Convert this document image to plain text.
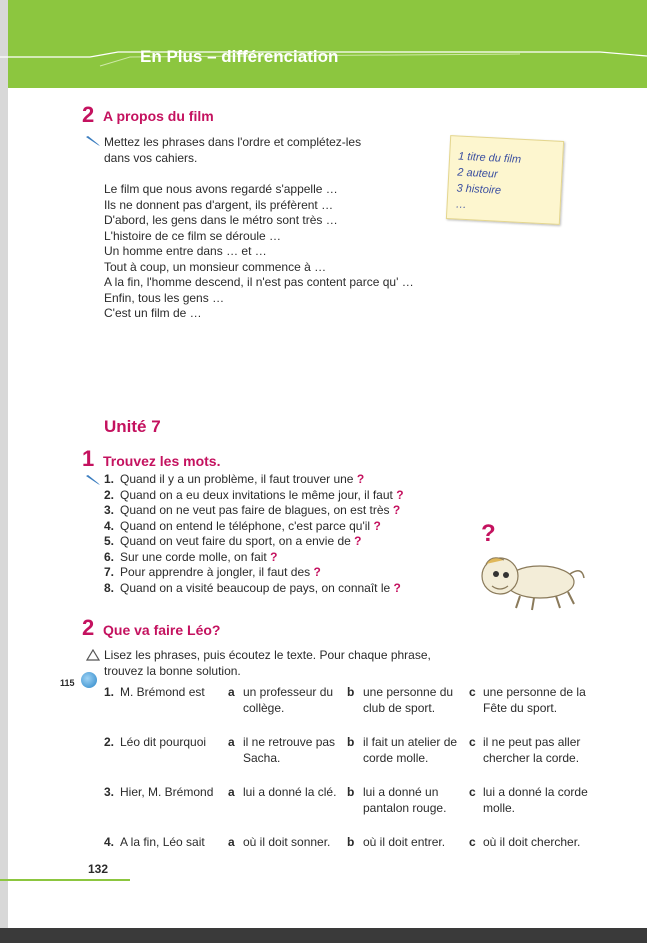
En Plus – différenciation
2 A propos du film
Mettez les phrases dans l'ordre et complétez-les
dans vos cahiers.
Le film que nous avons regardé s'appelle …
Ils ne donnent pas d'argent, ils préfèrent …
D'abord, les gens dans le métro sont très …
L'histoire de ce film se déroule …
Un homme entre dans … et …
Tout à coup, un monsieur commence à …
A la fin, l'homme descend, il n'est pas content parce qu' …
Enfin, tous les gens …
C'est un film de …
1 titre du film
2 auteur
3 histoire
…
Unité 7
1 Trouvez les mots.
1. Quand il y a un problème, il faut trouver une ?
2. Quand on a eu deux invitations le même jour, il faut ?
3. Quand on ne veut pas faire de blagues, on est très ?
4. Quand on entend le téléphone, c'est parce qu'il ?
5. Quand on veut faire du sport, on a envie de ?
6. Sur une corde molle, on fait ?
7. Pour apprendre à jongler, il faut des ?
8. Quand on a visité beaucoup de pays, on connaît le ?
?
2 Que va faire Léo?
Lisez les phrases, puis écoutez le texte. Pour chaque phrase,
trouvez la bonne solution.
115
1. M. Brémond est	a un professeur du collège.
b une personne du club de sport.
c une personne de la Fête du sport.
2. Léo dit pourquoi	a il ne retrouve pas Sacha.
b il fait un atelier de corde molle.
c il ne peut pas aller chercher la corde.
3. Hier, M. Brémond	a lui a donné la clé. b lui a donné un pantalon rouge.
c lui a donné la corde molle.
4. A la fin, Léo sait	a où il doit sonner.	b où il doit entrer.	c où il doit chercher.
132
